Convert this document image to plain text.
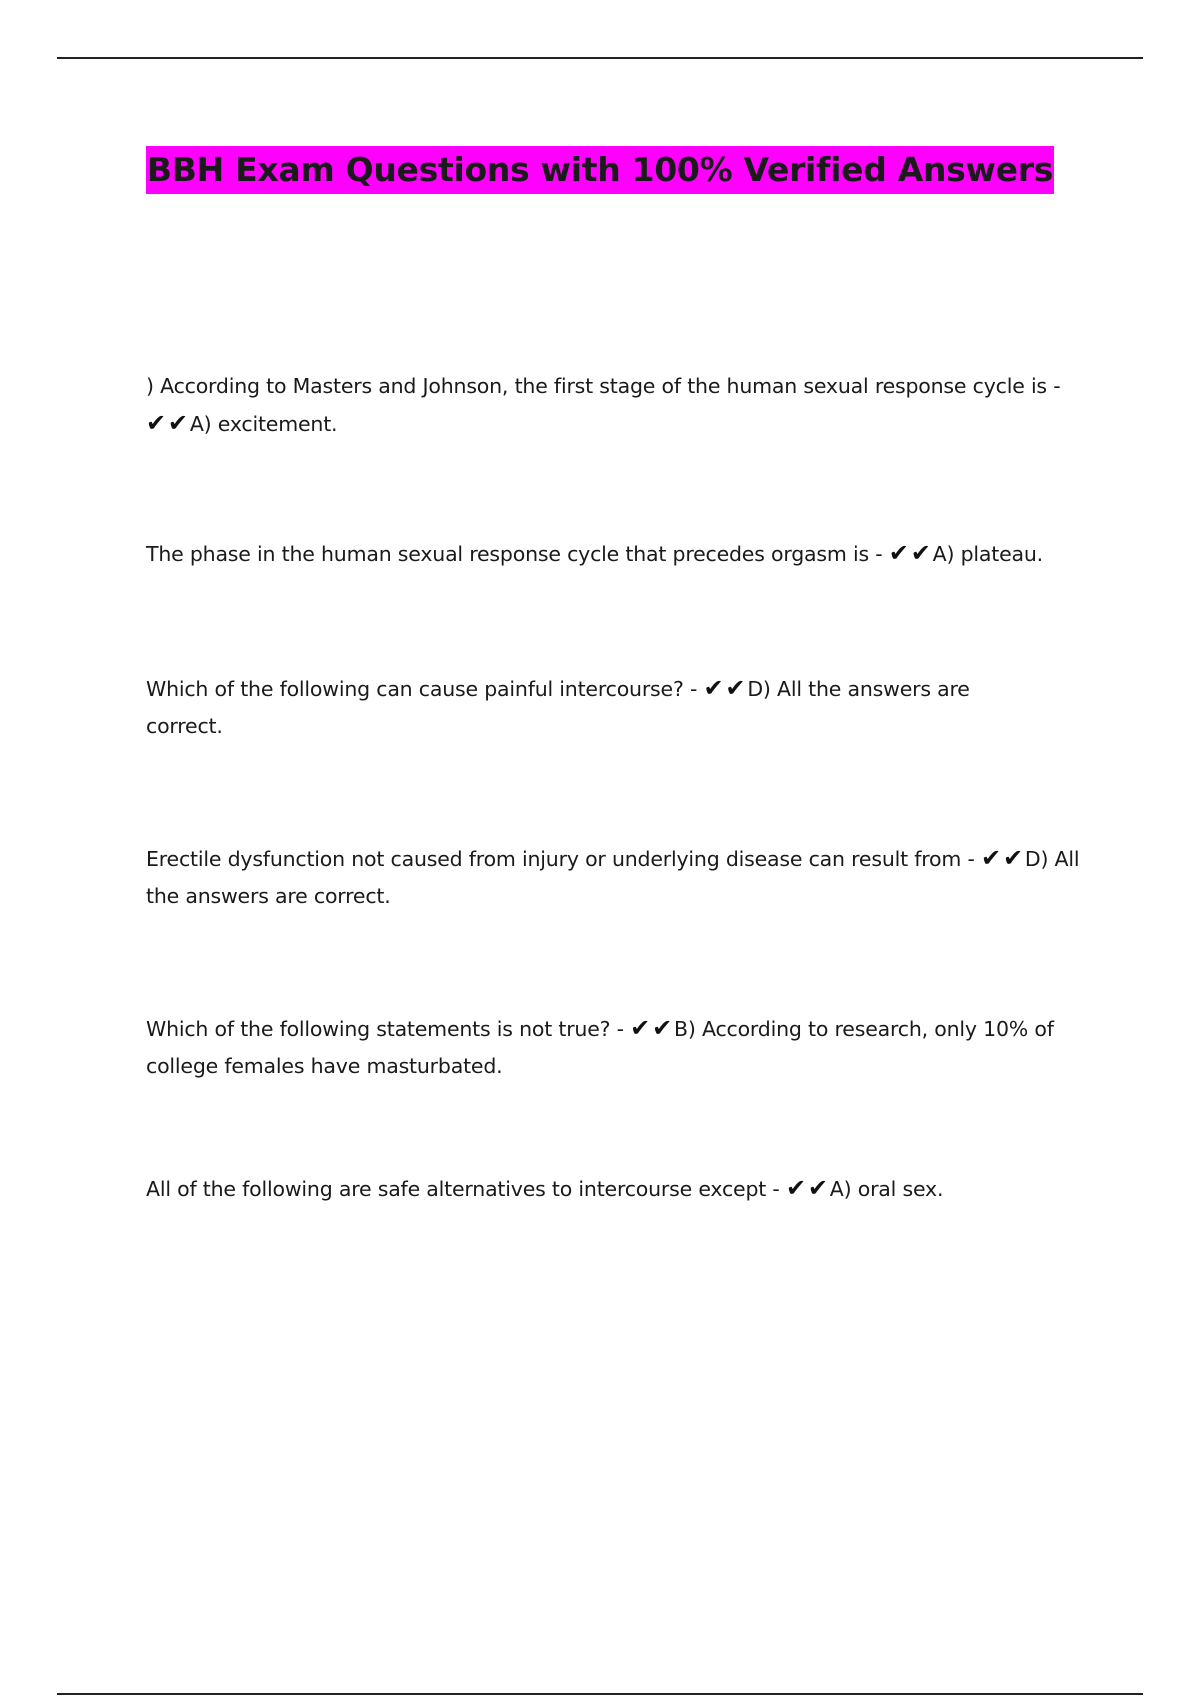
BBH Exam Questions with 100% Verified Answers
) According to Masters and Johnson, the first stage of the human sexual response cycle is - ✔✔A) excitement.
The phase in the human sexual response cycle that precedes orgasm is - ✔✔A) plateau.
Which of the following can cause painful intercourse? - ✔✔D) All the answers are correct.
Erectile dysfunction not caused from injury or underlying disease can result from - ✔✔D) All the answers are correct.
Which of the following statements is not true? - ✔✔B) According to research, only 10% of college females have masturbated.
All of the following are safe alternatives to intercourse except - ✔✔A) oral sex.
